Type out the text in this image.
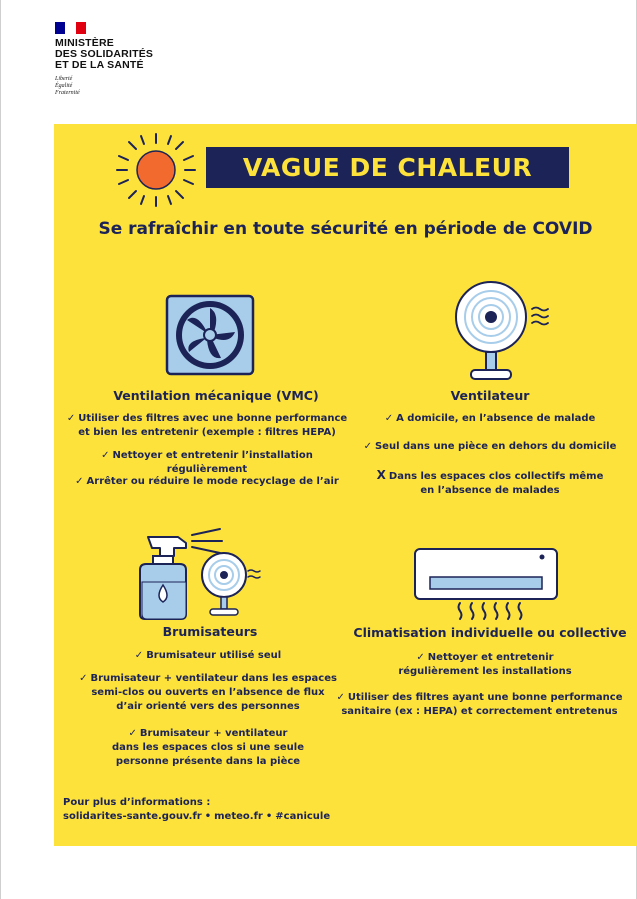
MINISTÈRE
DES SOLIDARITÉS
ET DE LA SANTÉ
Liberté
Égalité
Fraternité
VAGUE DE CHALEUR
Se rafraîchir en toute sécurité en période de COVID
Ventilation mécanique (VMC)
✓ Utiliser des filtres avec une bonne performance
et bien les entretenir (exemple : filtres HEPA)
✓ Nettoyer et entretenir l’installation régulièrement
✓ Arrêter ou réduire le mode recyclage de l’air
Ventilateur
✓ A domicile, en l’absence de malade
✓ Seul dans une pièce en dehors du domicile
X Dans les espaces clos collectifs même
en l’absence de malades
Brumisateurs
✓ Brumisateur utilisé seul
✓ Brumisateur + ventilateur dans les espaces
semi-clos ou ouverts en l’absence de flux
d’air orienté vers des personnes
✓ Brumisateur + ventilateur
dans les espaces clos si une seule
personne présente dans la pièce
Climatisation individuelle ou collective
✓ Nettoyer et entretenir
régulièrement les installations
✓ Utiliser des filtres ayant une bonne performance
sanitaire (ex : HEPA) et correctement entretenus
Pour plus d’informations :
solidarites-sante.gouv.fr • meteo.fr • #canicule
